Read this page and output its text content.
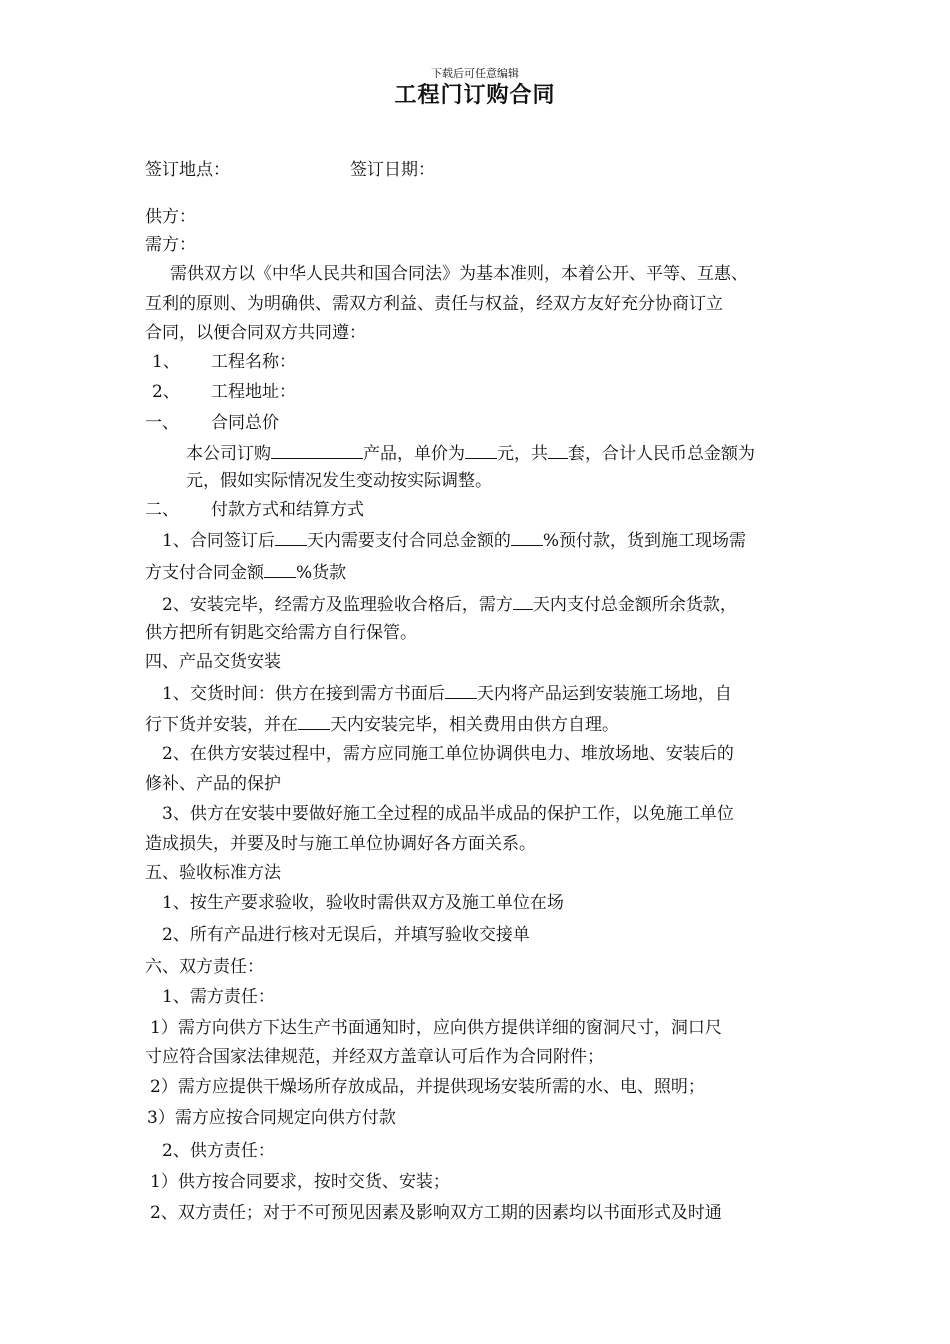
下载后可任意编辑
工程门订购合同
签订地点：	签订日期：
供方：
需方：
需供双方以《中华人民共和国合同法》为基本准则，本着公开、平等、互惠、
互利的原则、为明确供、需双方利益、责任与权益，经双方友好充分协商订立
合同，以便合同双方共同遵：
1、 工程名称：
2、 工程地址：
一、 合同总价
本公司订购	产品，单价为 元，共 套，合计人民币总金额为
元，假如实际情况发生变动按实际调整。
二、 付款方式和结算方式
1、合同签订后 天内需要支付合同总金额的 %预付款，货到施工现场需
方支付合同金额 %货款
2、安装完毕，经需方及监理验收合格后，需方 天内支付总金额所余货款，
供方把所有钥匙交给需方自行保管。
四、产品交货安装
1、交货时间：供方在接到需方书面后 天内将产品运到安装施工场地，自
行下货并安装，并在 天内安装完毕，相关费用由供方自理。
2、在供方安装过程中，需方应同施工单位协调供电力、堆放场地、安装后的
修补、产品的保护
3、供方在安装中要做好施工全过程的成品半成品的保护工作，以免施工单位
造成损失，并要及时与施工单位协调好各方面关系。
五、验收标准方法
1、按生产要求验收，验收时需供双方及施工单位在场
2、所有产品进行核对无误后，并填写验收交接单
六、双方责任：
1、需方责任：
1）需方向供方下达生产书面通知时，应向供方提供详细的窗洞尺寸，洞口尺
寸应符合国家法律规范，并经双方盖章认可后作为合同附件；
2）需方应提供干燥场所存放成品，并提供现场安装所需的水、电、照明；
3）需方应按合同规定向供方付款
2、供方责任：
1）供方按合同要求，按时交货、安装；
2、双方责任；对于不可预见因素及影响双方工期的因素均以书面形式及时通
